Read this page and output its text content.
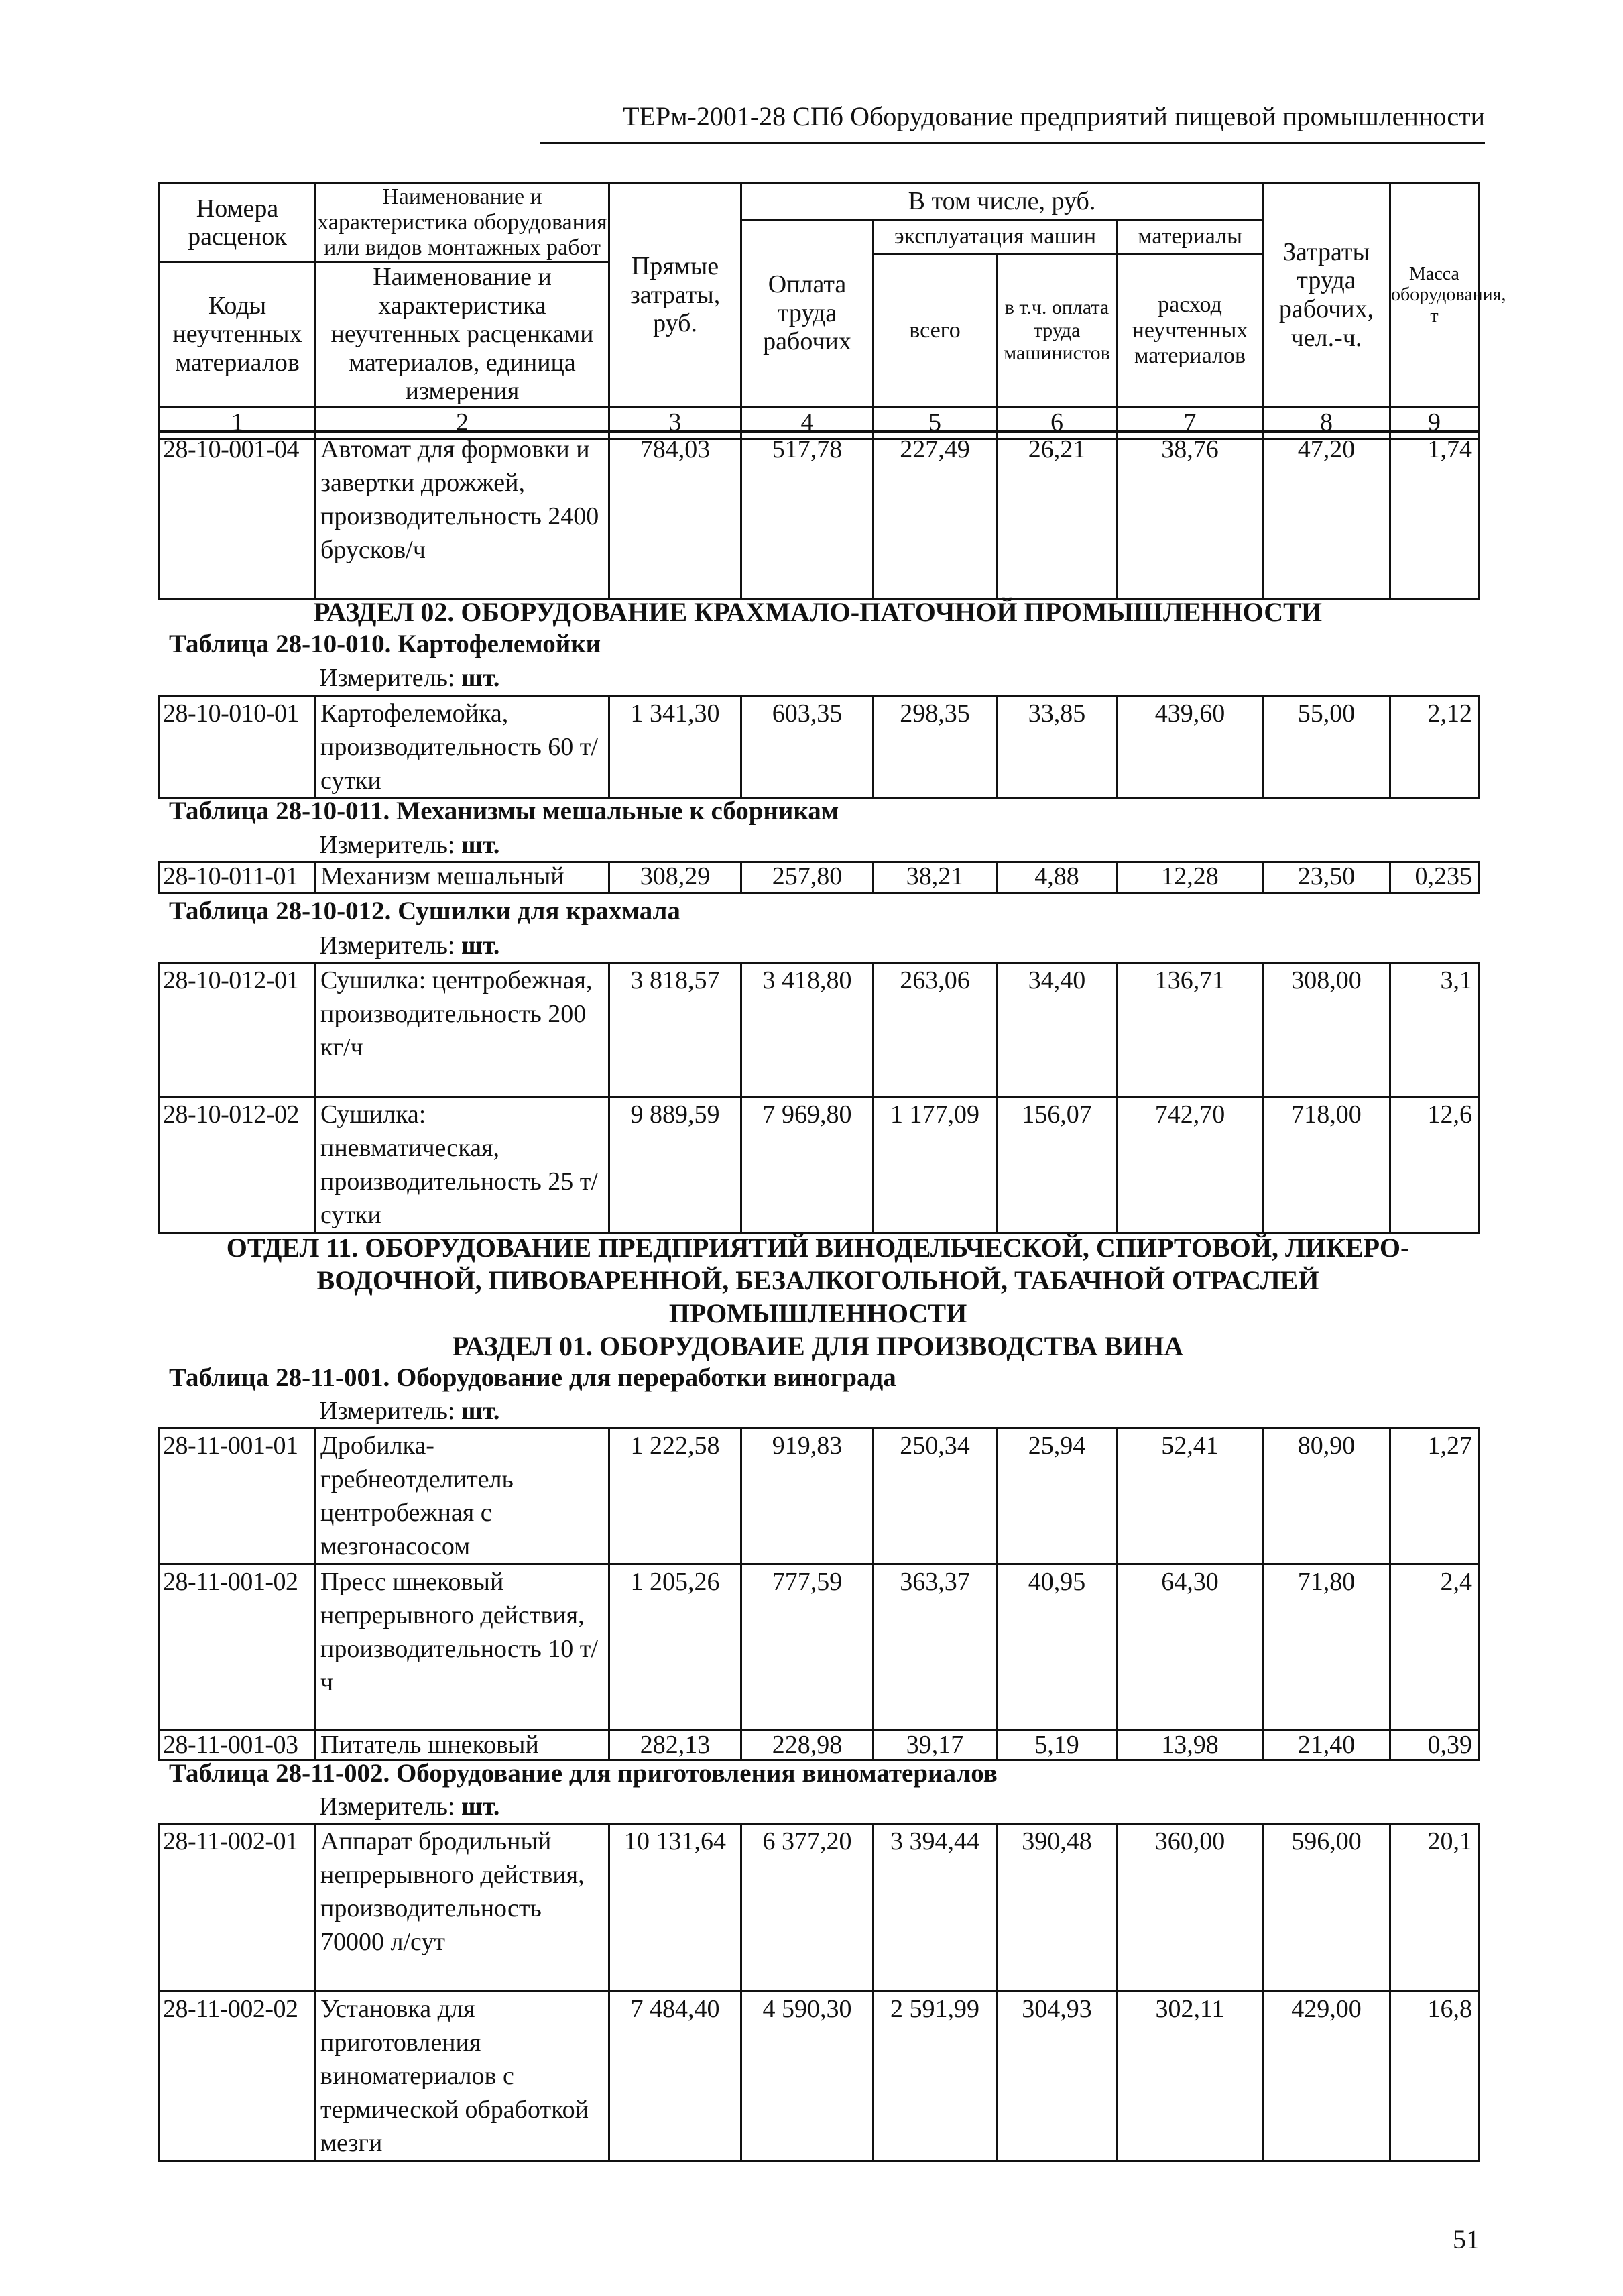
ТЕРм-2001-28 СПб Оборудование предприятий пищевой промышленности
Номера расценок	Наименование и характеристика оборудования или видов монтажных работ	Прямые затраты, руб.	В том числе, руб.				Затраты труда рабочих, чел.-ч.	Масса оборудования, т
			Оплата труда рабочих	эксплуатация машин		материалы		
				всего	в т.ч. оплата труда машинистов	расход неучтенных материалов		
Коды неучтенных материалов	Наименование и характеристика неучтенных расценками материалов, единица измерения							

1	2	3	4	5	6	7	8	9
28-10-001-04	Автомат для формовки и завертки дрожжей, производительность 2400 брусков/ч	784,03	517,78	227,49	26,21	38,76	47,20	1,74
РАЗДЕЛ 02. ОБОРУДОВАНИЕ КРАХМАЛО-ПАТОЧНОЙ ПРОМЫШЛЕННОСТИ
Таблица 28-10-010. Картофелемойки
Измеритель: шт.
28-10-010-01	Картофелемойка, производительность 60 т/сутки	1 341,30	603,35	298,35	33,85	439,60	55,00	2,12
Таблица 28-10-011. Механизмы мешальные к сборникам
Измеритель: шт.
28-10-011-01	Механизм мешальный	308,29	257,80	38,21	4,88	12,28	23,50	0,235
Таблица 28-10-012. Сушилки для крахмала
Измеритель: шт.
28-10-012-01	Сушилка: центробежная, производительность 200 кг/ч	3 818,57	3 418,80	263,06	34,40	136,71	308,00	3,1
28-10-012-02	Сушилка: пневматическая, производительность 25 т/сутки	9 889,59	7 969,80	1 177,09	156,07	742,70	718,00	12,6
ОТДЕЛ 11. ОБОРУДОВАНИЕ ПРЕДПРИЯТИЙ ВИНОДЕЛЬЧЕСКОЙ, СПИРТОВОЙ, ЛИКЕРО-
ВОДОЧНОЙ, ПИВОВАРЕННОЙ, БЕЗАЛКОГОЛЬНОЙ, ТАБАЧНОЙ ОТРАСЛЕЙ
ПРОМЫШЛЕННОСТИ
РАЗДЕЛ 01. ОБОРУДОВАИЕ ДЛЯ ПРОИЗВОДСТВА ВИНА
Таблица 28-11-001. Оборудование для переработки винограда
Измеритель: шт.
28-11-001-01	Дробилка-гребнеотделитель центробежная с мезгонасосом	1 222,58	919,83	250,34	25,94	52,41	80,90	1,27
28-11-001-02	Пресс шнековый непрерывного действия, производительность 10 т/ч	1 205,26	777,59	363,37	40,95	64,30	71,80	2,4
28-11-001-03	Питатель шнековый	282,13	228,98	39,17	5,19	13,98	21,40	0,39
Таблица 28-11-002. Оборудование для приготовления виноматериалов
Измеритель: шт.
28-11-002-01	Аппарат бродильный непрерывного действия, производительность 70000 л/сут	10 131,64	6 377,20	3 394,44	390,48	360,00	596,00	20,1
28-11-002-02	Установка для приготовления виноматериалов с термической обработкой мезги	7 484,40	4 590,30	2 591,99	304,93	302,11	429,00	16,8
51
